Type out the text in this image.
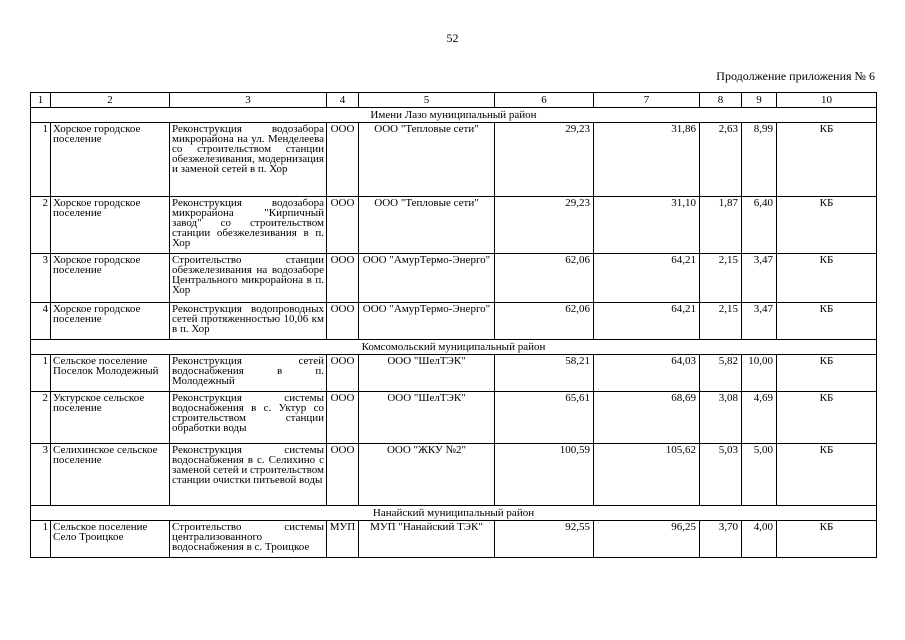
52
Продолжение приложения № 6
1	2	3	4	5	6	7	8	9	10
Имени Лазо муниципальный район									
1	Хорское городское поселение	Реконструкция водозабора микрорайона на ул. Менделеева со строительством станции обезжелезивания, модернизация и заменой сетей в п. Хор	ООО	ООО "Тепловые сети"	29,23	31,86	2,63	8,99	КБ
2	Хорское городское поселение	Реконструкция водозабора микрорайона "Кирпичный завод" со строительством станции обезжелезивания в п. Хор	ООО	ООО "Тепловые сети"	29,23	31,10	1,87	6,40	КБ
3	Хорское городское поселение	Строительство станции обезжелезивания на водозаборе Центрального микрорайона в п. Хор	ООО	ООО "АмурТермо-Энерго"	62,06	64,21	2,15	3,47	КБ
4	Хорское городское поселение	Реконструкция водопроводных сетей протяженностью 10,06 км в п. Хор	ООО	ООО "АмурТермо-Энерго"	62,06	64,21	2,15	3,47	КБ
Комсомольский муниципальный район									
1	Сельское поселение Поселок Молодежный	Реконструкция сетей водоснабжения в п. Молодежный	ООО	ООО "ШелТЭК"	58,21	64,03	5,82	10,00	КБ
2	Уктурское сельское поселение	Реконструкция системы водоснабжения в с. Уктур со строительством станции обработки воды	ООО	ООО "ШелТЭК"	65,61	68,69	3,08	4,69	КБ
3	Селихинское сельское поселение	Реконструкция системы водоснабжения в с. Селихино с заменой сетей и строительством станции очистки питьевой воды	ООО	ООО "ЖКУ №2"	100,59	105,62	5,03	5,00	КБ
Нанайский муниципальный район									
1	Сельское поселение Село Троицкое	Строительство системы централизованного водоснабжения в с. Троицкое	МУП	МУП "Нанайский ТЭК"	92,55	96,25	3,70	4,00	КБ
